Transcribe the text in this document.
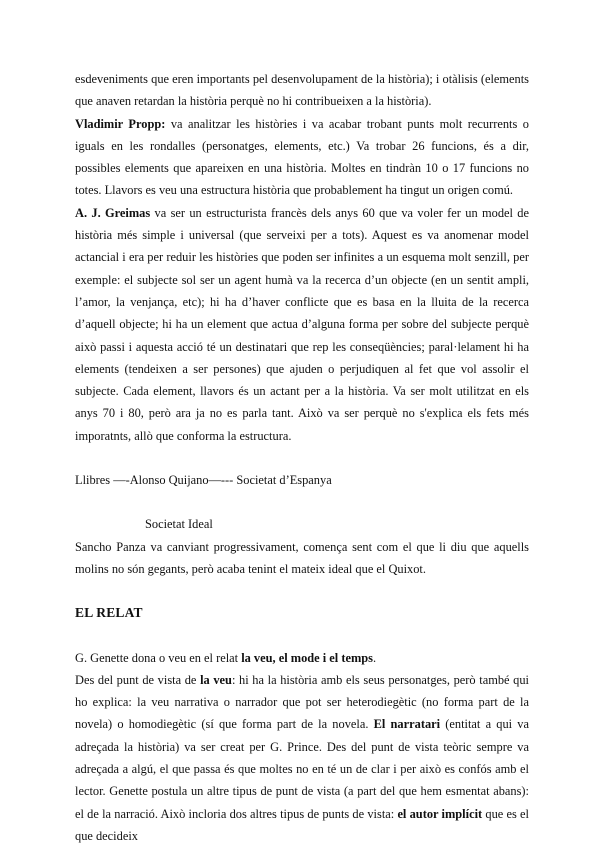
esdeveniments que eren importants pel desenvolupament de la història); i otàlisis (elements que anaven retardan la història perquè no hi contribueixen a la història).

Vladimir Propp: va analitzar les històries i va acabar trobant punts molt recurrents o iguals en les rondalles (personatges, elements, etc.) Va trobar 26 funcions, és a dir, possibles elements que apareixen en una història. Moltes en tindràn 10 o 17 funcions no totes. Llavors es veu una estructura història que probablement ha tingut un origen comú.

A. J. Greimas va ser un estructurista francès dels anys 60 que va voler fer un model de història més simple i universal (que serveixi per a tots). Aquest es va anomenar model actancial i era per reduir les històries que poden ser infinites a un esquema molt senzill, per exemple: el subjecte sol ser un agent humà va la recerca d’un objecte (en un sentit ampli, l’amor, la venjança, etc); hi ha d’haver conflicte que es basa en la lluita de la recerca d’aquell objecte; hi ha un element que actua d’alguna forma per sobre del subjecte perquè això passi i aquesta acció té un destinatari que rep les conseqüències; paral·lelament hi ha elements (tendeixen a ser persones) que ajuden o perjudiquen al fet que vol assolir el subjecte. Cada element, llavors és un actant per a la història. Va ser molt utilitzat en els anys 70 i 80, però ara ja no es parla tant. Això va ser perquè no s'explica els fets més imporatnts, allò que conforma la estructura.

Llibres —-Alonso Quijano—--- Societat d’Espanya

Societat Ideal

Sancho Panza va canviant progressivament, comença sent com el que li diu que aquells molins no són gegants, però acaba tenint el mateix ideal que el Quixot.

EL RELAT

G. Genette dona o veu en el relat la veu, el mode i el temps.

Des del punt de vista de la veu: hi ha la història amb els seus personatges, però també qui ho explica: la veu narrativa o narrador que pot ser heterodiegètic (no forma part de la novela) o homodiegètic (sí que forma part de la novela. El narratari (entitat a qui va adreçada la història) va ser creat per G. Prince. Des del punt de vista teòric sempre va adreçada a algú, el que passa és que moltes no en té un de clar i per això es confós amb el lector. Genette postula un altre tipus de punt de vista (a part del que hem esmentat abans): el de la narració. Això incloria dos altres tipus de punts de vista: el autor implícit que es el que decideix
